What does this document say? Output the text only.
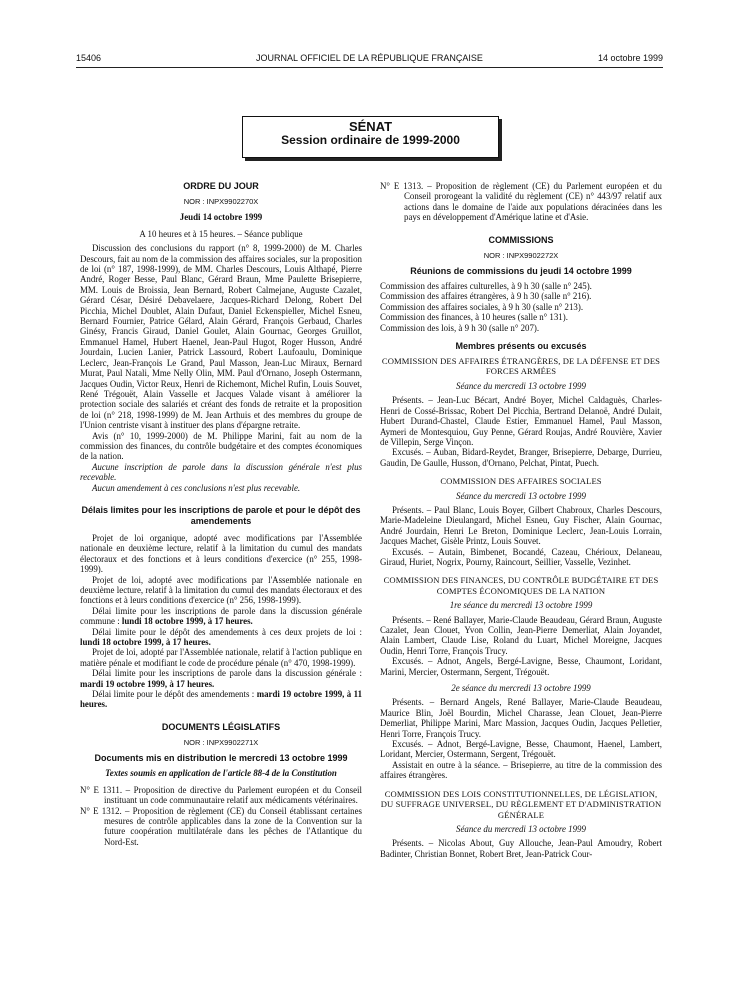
15406	JOURNAL OFFICIEL DE LA RÉPUBLIQUE FRANÇAISE	14 octobre 1999
SÉNAT
Session ordinaire de 1999-2000
ORDRE DU JOUR
NOR : INPX9902270X
Jeudi 14 octobre 1999
A 10 heures et à 15 heures. – Séance publique

Discussion des conclusions du rapport (n° 8, 1999-2000) de M. Charles Descours, fait au nom de la commission des affaires sociales, sur la proposition de loi (n° 187, 1998-1999), de MM. Charles Descours, Louis Althapé, Pierre André, Roger Besse, Paul Blanc, Gérard Braun, Mme Paulette Brisepierre, MM. Louis de Broissia, Jean Bernard, Robert Calmejane, Auguste Cazalet, Gérard César, Désiré Debavelaere, Jacques-Richard Delong, Robert Del Picchia, Michel Doublet, Alain Dufaut, Daniel Eckenspieller, Michel Esneu, Bernard Fournier, Patrice Gélard, Alain Gérard, François Gerbaud, Charles Ginésy, Francis Giraud, Daniel Goulet, Alain Gournac, Georges Gruillot, Emmanuel Hamel, Hubert Haenel, Jean-Paul Hugot, Roger Husson, André Jourdain, Lucien Lanier, Patrick Lassourd, Robert Laufoaulu, Dominique Leclerc, Jean-François Le Grand, Paul Masson, Jean-Luc Miraux, Bernard Murat, Paul Natali, Mme Nelly Olin, MM. Paul d'Ornano, Joseph Ostermann, Jacques Oudin, Victor Reux, Henri de Richemont, Michel Rufin, Louis Souvet, René Trégouët, Alain Vasselle et Jacques Valade visant à améliorer la protection sociale des salariés et créant des fonds de retraite et la proposition de loi (n° 218, 1998-1999) de M. Jean Arthuis et des membres du groupe de l'Union centriste visant à instituer des plans d'épargne retraite.

Avis (n° 10, 1999-2000) de M. Philippe Marini, fait au nom de la commission des finances, du contrôle budgétaire et des comptes économiques de la nation.

Aucune inscription de parole dans la discussion générale n'est plus recevable.

Aucun amendement à ces conclusions n'est plus recevable.

Délais limites pour les inscriptions de parole et pour le dépôt des amendements

Projet de loi organique, adopté avec modifications par l'Assemblée nationale en deuxième lecture, relatif à la limitation du cumul des mandats électoraux et des fonctions et à leurs conditions d'exercice (n° 255, 1998-1999).

Projet de loi, adopté avec modifications par l'Assemblée nationale en deuxième lecture, relatif à la limitation du cumul des mandats électoraux et des fonctions et à leurs conditions d'exercice (n° 256, 1998-1999).

Délai limite pour les inscriptions de parole dans la discussion générale commune : lundi 18 octobre 1999, à 17 heures.

Délai limite pour le dépôt des amendements à ces deux projets de loi : lundi 18 octobre 1999, à 17 heures.

Projet de loi, adopté par l'Assemblée nationale, relatif à l'action publique en matière pénale et modifiant le code de procédure pénale (n° 470, 1998-1999).

Délai limite pour les inscriptions de parole dans la discussion générale : mardi 19 octobre 1999, à 17 heures.

Délai limite pour le dépôt des amendements : mardi 19 octobre 1999, à 11 heures.

DOCUMENTS LÉGISLATIFS
NOR : INPX9902271X
Documents mis en distribution le mercredi 13 octobre 1999
Textes soumis en application de l'article 88-4 de la Constitution

N° E 1311. – Proposition de directive du Parlement européen et du Conseil instituant un code communautaire relatif aux médicaments vétérinaires.

N° E 1312. – Proposition de règlement (CE) du Conseil établissant certaines mesures de contrôle applicables dans la zone de la Convention sur la future coopération multilatérale dans les pêches de l'Atlantique du Nord-Est.

N° E 1313. – Proposition de règlement (CE) du Parlement européen et du Conseil prorogeant la validité du règlement (CE) n° 443/97 relatif aux actions dans le domaine de l'aide aux populations déracinées dans les pays en développement d'Amérique latine et d'Asie.

COMMISSIONS
NOR : INPX9902272X
Réunions de commissions du jeudi 14 octobre 1999
Commission des affaires culturelles, à 9 h 30 (salle n° 245).
Commission des affaires étrangères, à 9 h 30 (salle n° 216).
Commission des affaires sociales, à 9 h 30 (salle n° 213).
Commission des finances, à 10 heures (salle n° 131).
Commission des lois, à 9 h 30 (salle n° 207).
Membres présents ou excusés
COMMISSION DES AFFAIRES ÉTRANGÈRES, DE LA DÉFENSE ET DES FORCES ARMÉES
Séance du mercredi 13 octobre 1999

Présents. – Jean-Luc Bécart, André Boyer, Michel Caldaguès, Charles-Henri de Cossé-Brissac, Robert Del Picchia, Bertrand Delanoë, André Dulait, Hubert Durand-Chastel, Claude Estier, Emmanuel Hamel, Paul Masson, Aymeri de Montesquiou, Guy Penne, Gérard Roujas, André Rouvière, Xavier de Villepin, Serge Vinçon.

Excusés. – Auban, Bidard-Reydet, Branger, Brisepierre, Debarge, Durrieu, Gaudin, De Gaulle, Husson, d'Ornano, Pelchat, Pintat, Puech.

COMMISSION DES AFFAIRES SOCIALES
Séance du mercredi 13 octobre 1999

Présents. – Paul Blanc, Louis Boyer, Gilbert Chabroux, Charles Descours, Marie-Madeleine Dieulangard, Michel Esneu, Guy Fischer, Alain Gournac, André Jourdain, Henri Le Breton, Dominique Leclerc, Jean-Louis Lorrain, Jacques Machet, Gisèle Printz, Louis Souvet.

Excusés. – Autain, Bimbenet, Bocandé, Cazeau, Chérioux, Delaneau, Giraud, Huriet, Nogrix, Pourny, Raincourt, Seillier, Vasselle, Vezinhet.

COMMISSION DES FINANCES, DU CONTRÔLE BUDGÉTAIRE ET DES COMPTES ÉCONOMIQUES DE LA NATION
1re séance du mercredi 13 octobre 1999

Présents. – René Ballayer, Marie-Claude Beaudeau, Gérard Braun, Auguste Cazalet, Jean Clouet, Yvon Collin, Jean-Pierre Demerliat, Alain Joyandet, Alain Lambert, Claude Lise, Roland du Luart, Michel Moreigne, Jacques Oudin, Henri Torre, François Trucy.

Excusés. – Adnot, Angels, Bergé-Lavigne, Besse, Chaumont, Loridant, Marini, Mercier, Ostermann, Sergent, Trégouët.

2e séance du mercredi 13 octobre 1999

Présents. – Bernard Angels, René Ballayer, Marie-Claude Beaudeau, Maurice Blin, Joël Bourdin, Michel Charasse, Jean Clouet, Jean-Pierre Demerliat, Philippe Marini, Marc Massion, Jacques Oudin, Jacques Pelletier, Henri Torre, François Trucy.

Excusés. – Adnot, Bergé-Lavigne, Besse, Chaumont, Haenel, Lambert, Loridant, Mercier, Ostermann, Sergent, Trégouët.

Assistait en outre à la séance. – Brisepierre, au titre de la commission des affaires étrangères.

COMMISSION DES LOIS CONSTITUTIONNELLES, DE LÉGISLATION, DU SUFFRAGE UNIVERSEL, DU RÈGLEMENT ET D'ADMINISTRATION GÉNÉRALE
Séance du mercredi 13 octobre 1999

Présents. – Nicolas About, Guy Allouche, Jean-Paul Amoudry, Robert Badinter, Christian Bonnet, Robert Bret, Jean-Patrick Cour-
